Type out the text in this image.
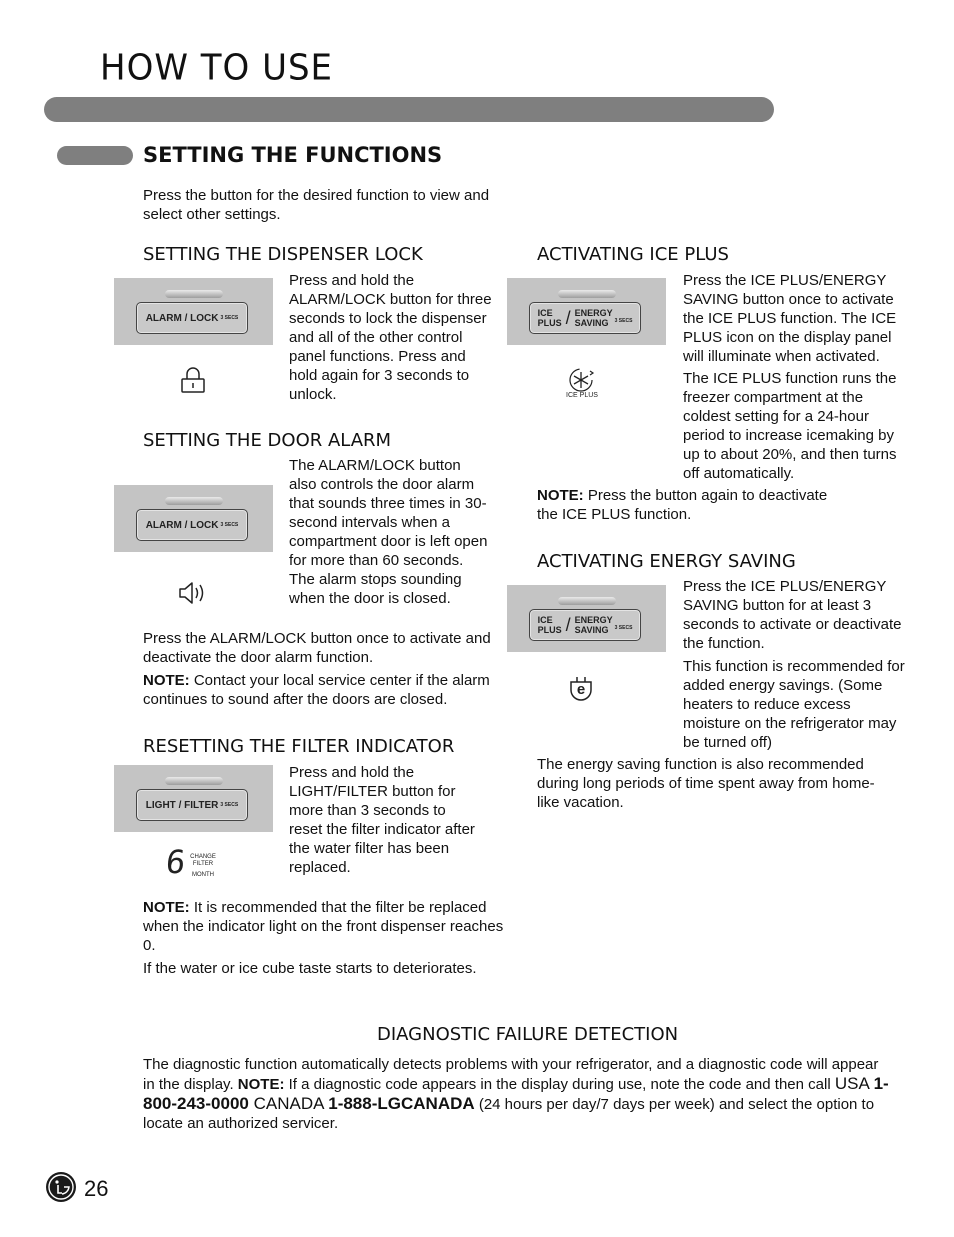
HOW TO USE
SETTING THE FUNCTIONS

Press the button for the desired function to view and select other settings.

SETTING THE DISPENSER LOCK
ALARM / LOCK 3 SECS

Press and hold the ALARM/LOCK button for three seconds to lock the dispenser and all of the other control panel functions. Press and hold again for 3 seconds to unlock.

SETTING THE DOOR ALARM
ALARM / LOCK 3 SECS

The ALARM/LOCK button also controls the door alarm that sounds three times in 30-second intervals when a compartment door is left open for more than 60 seconds. The alarm stops sounding when the door is closed.

Press the ALARM/LOCK button once to activate and deactivate the door alarm function.

NOTE: Contact your local service center if the alarm continues to sound after the doors are closed.

RESETTING THE FILTER INDICATOR
LIGHT / FILTER 3 SECS
6 CHANGE
FILTER
MONTH

Press and hold the LIGHT/FILTER button for more than 3 seconds to reset the filter indicator after the water filter has been replaced.

NOTE: It is recommended that the filter be replaced when the indicator light on the front dispenser reaches 0.

If the water or ice cube taste starts to deteriorates.

ACTIVATING ICE PLUS
ICE
PLUS / ENERGY
SAVING	3 SECS
ICE PLUS

Press the ICE PLUS/ENERGY SAVING button once to activate the ICE PLUS function. The ICE PLUS icon on the display panel will illuminate when activated.

The ICE PLUS function runs the freezer compartment at the coldest setting for a 24-hour period to increase icemaking by up to about 20%, and then turns off automatically.

NOTE: Press the button again to deactivate the ICE PLUS function.

ACTIVATING ENERGY SAVING
ICE
PLUS / ENERGY
SAVING	3 SECS
e

Press the ICE PLUS/ENERGY SAVING button for at least 3 seconds to activate or deactivate the function.

This function is recommended for added energy savings. (Some heaters to reduce excess moisture on the refrigerator may be turned off)

The energy saving function is also recommended during long periods of time spent away from home-like vacation.

DIAGNOSTIC FAILURE DETECTION

The diagnostic function automatically detects problems with your refrigerator, and a diagnostic code will appear in the display. NOTE: If a diagnostic code appears in the display during use, note the code and then call USA 1-800-243-0000 CANADA 1-888-LGCANADA (24 hours per day/7 days per week) and select the option to locate an authorized servicer.

26
